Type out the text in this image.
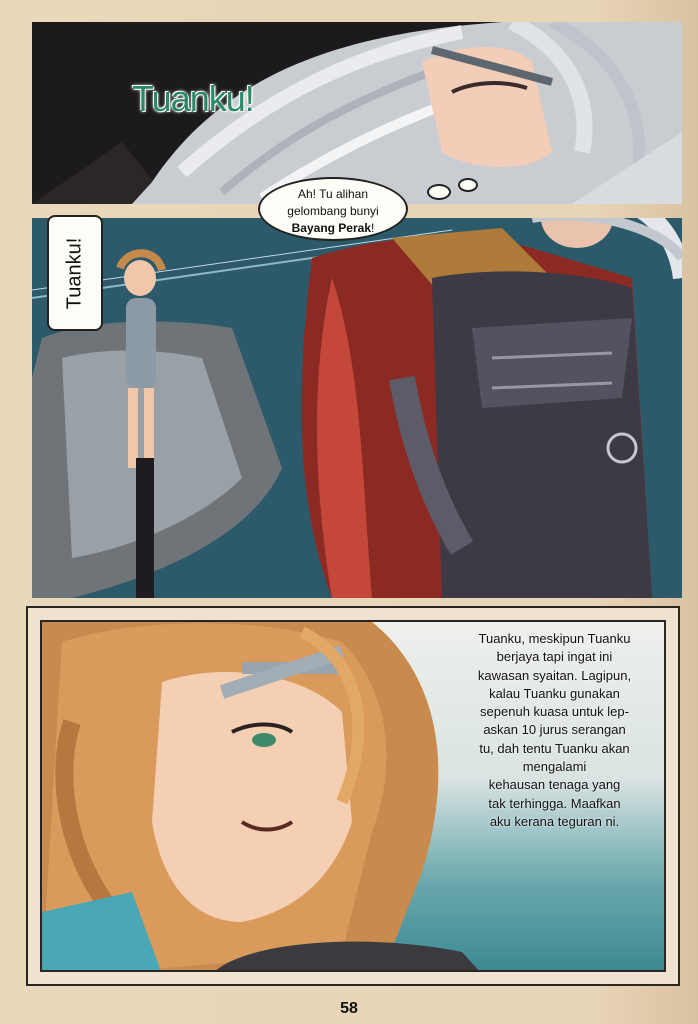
Tuanku!
Ah! Tu alihan
gelombang bunyi
Bayang Perak!
Tuanku!
Tuanku, meskipun Tuanku
berjaya tapi ingat ini
kawasan syaitan. Lagipun,
kalau Tuanku gunakan
sepenuh kuasa untuk lep-
askan 10 jurus serangan
tu, dah tentu Tuanku akan
mengalami
kehausan tenaga yang
tak terhingga. Maafkan
aku kerana teguran ni.
58
